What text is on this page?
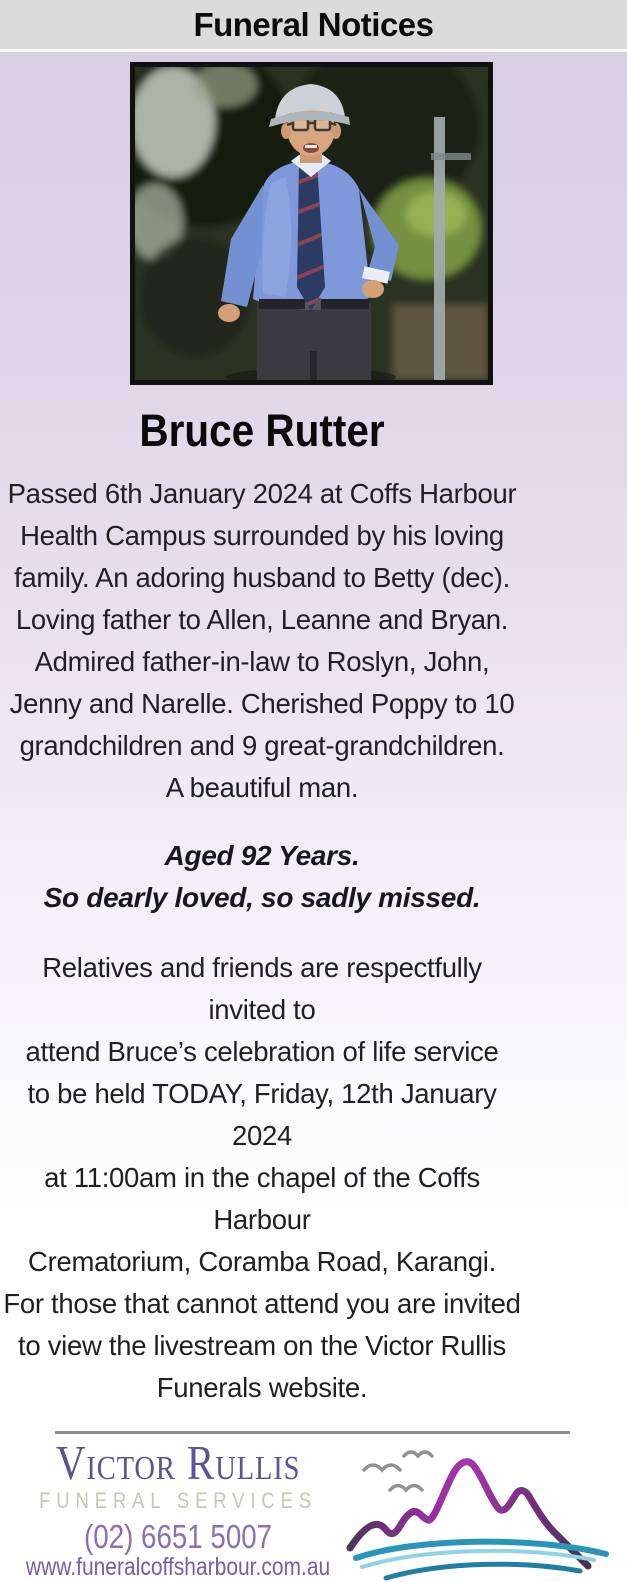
Funeral Notices
Bruce Rutter

Passed 6th January 2024 at Coffs Harbour
Health Campus surrounded by his loving
family. An adoring husband to Betty (dec).
Loving father to Allen, Leanne and Bryan.
Admired father-in-law to Roslyn, John,
Jenny and Narelle. Cherished Poppy to 10
grandchildren and 9 great-grandchildren.
A beautiful man.

Aged 92 Years.
So dearly loved, so sadly missed.

Relatives and friends are respectfully invited to
attend Bruce’s celebration of life service
to be held TODAY, Friday, 12th January 2024
at 11:00am in the chapel of the Coffs Harbour
Crematorium, Coramba Road, Karangi.
For those that cannot attend you are invited
to view the livestream on the Victor Rullis
Funerals website.

Victor Rullis
FUNERAL SERVICES
(02) 6651 5007
www.funeralcoffsharbour.com.au
